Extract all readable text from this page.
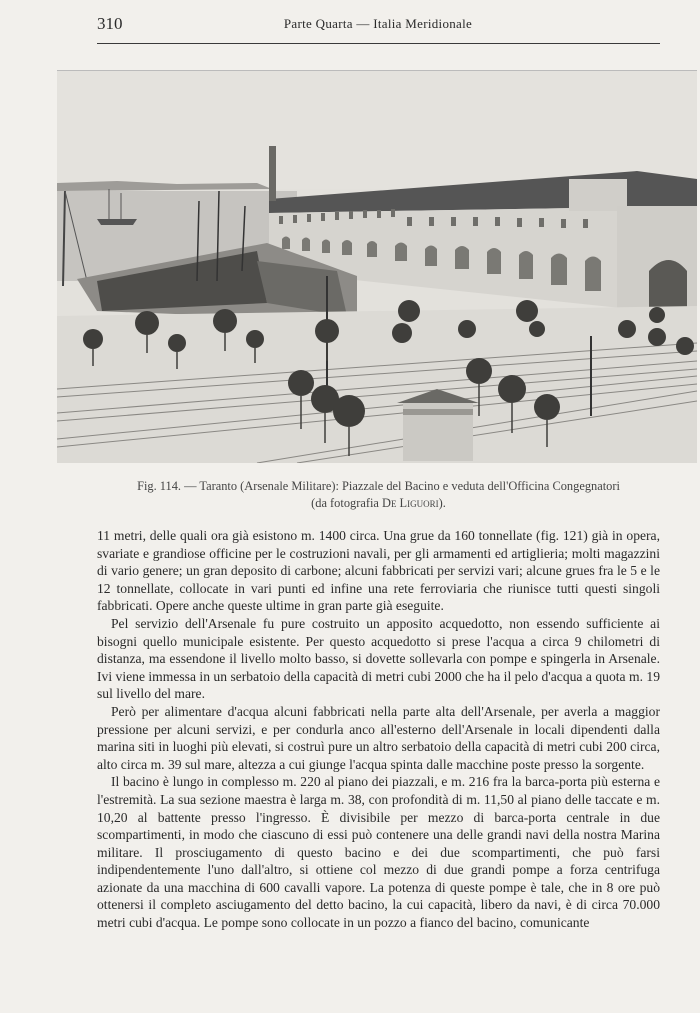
310	Parte Quarta — Italia Meridionale
Fig. 114. — Taranto (Arsenale Militare): Piazzale del Bacino e veduta dell'Officina Congegnatori
(da fotografia De Liguori).

11 metri, delle quali ora già esistono m. 1400 circa. Una grue da 160 tonnellate (fig. 121) già in opera, svariate e grandiose officine per le costruzioni navali, per gli armamenti ed artiglieria; molti magazzini di vario genere; un gran deposito di carbone; alcuni fabbricati per servizi vari; alcune grues fra le 5 e le 12 tonnellate, collocate in vari punti ed infine una rete ferroviaria che riunisce tutti questi singoli fabbricati. Opere anche queste ultime in gran parte già eseguite.

Pel servizio dell'Arsenale fu pure costruito un apposito acquedotto, non essendo sufficiente ai bisogni quello municipale esistente. Per questo acquedotto si prese l'acqua a circa 9 chilometri di distanza, ma essendone il livello molto basso, si dovette sollevarla con pompe e spingerla in Arsenale. Ivi viene immessa in un serbatoio della capacità di metri cubi 2000 che ha il pelo d'acqua a quota m. 19 sul livello del mare.

Però per alimentare d'acqua alcuni fabbricati nella parte alta dell'Arsenale, per averla a maggior pressione per alcuni servizi, e per condurla anco all'esterno dell'Arsenale in locali dipendenti dalla marina siti in luoghi più elevati, si costruì pure un altro serbatoio della capacità di metri cubi 200 circa, alto circa m. 39 sul mare, altezza a cui giunge l'acqua spinta dalle macchine poste presso la sorgente.

Il bacino è lungo in complesso m. 220 al piano dei piazzali, e m. 216 fra la barca-porta più esterna e l'estremità. La sua sezione maestra è larga m. 38, con profondità di m. 11,50 al piano delle taccate e m. 10,20 al battente presso l'ingresso. È divisibile per mezzo di barca-porta centrale in due scompartimenti, in modo che ciascuno di essi può contenere una delle grandi navi della nostra Marina militare. Il prosciugamento di questo bacino e dei due scompartimenti, che può farsi indipendentemente l'uno dall'altro, si ottiene col mezzo di due grandi pompe a forza centrifuga azionate da una macchina di 600 cavalli vapore. La potenza di queste pompe è tale, che in 8 ore può ottenersi il completo asciugamento del detto bacino, la cui capacità, libero da navi, è di circa 70.000 metri cubi d'acqua. Le pompe sono collocate in un pozzo a fianco del bacino, comunicante
